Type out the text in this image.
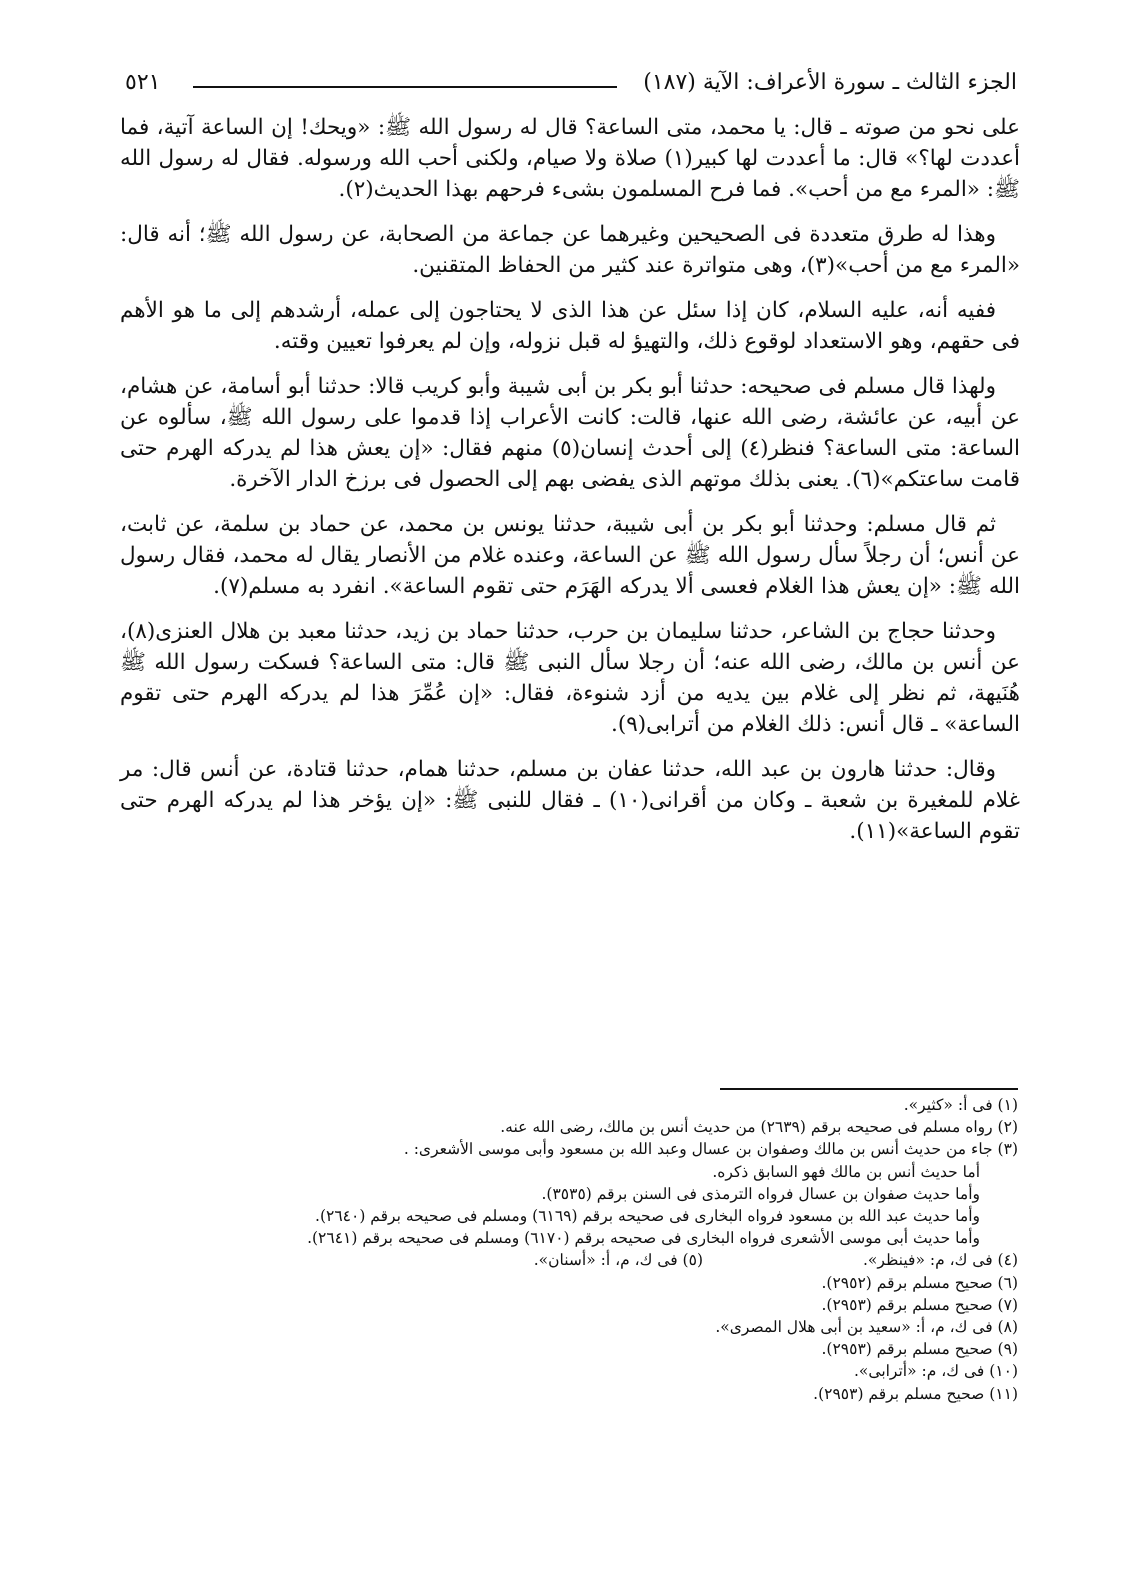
الجزء الثالث ـ سورة الأعراف: الآية (١٨٧)
٥٢١

على نحو من صوته ـ قال: يا محمد، متى الساعة؟ قال له رسول الله ﷺ: «ويحك! إن الساعة آتية، فما أعددت لها؟» قال: ما أعددت لها كبير(١) صلاة ولا صيام، ولكنى أحب الله ورسوله. فقال له رسول الله ﷺ: «المرء مع من أحب». فما فرح المسلمون بشىء فرحهم بهذا الحديث(٢).

وهذا له طرق متعددة فى الصحيحين وغيرهما عن جماعة من الصحابة، عن رسول الله ﷺ؛ أنه قال: «المرء مع من أحب»(٣)، وهى متواترة عند كثير من الحفاظ المتقنين.

ففيه أنه، عليه السلام، كان إذا سئل عن هذا الذى لا يحتاجون إلى عمله، أرشدهم إلى ما هو الأهم فى حقهم، وهو الاستعداد لوقوع ذلك، والتهيؤ له قبل نزوله، وإن لم يعرفوا تعيين وقته.

ولهذا قال مسلم فى صحيحه: حدثنا أبو بكر بن أبى شيبة وأبو كريب قالا: حدثنا أبو أسامة، عن هشام، عن أبيه، عن عائشة، رضى الله عنها، قالت: كانت الأعراب إذا قدموا على رسول الله ﷺ، سألوه عن الساعة: متى الساعة؟ فنظر(٤) إلى أحدث إنسان(٥) منهم فقال: «إن يعش هذا لم يدركه الهرم حتى قامت ساعتكم»(٦). يعنى بذلك موتهم الذى يفضى بهم إلى الحصول فى برزخ الدار الآخرة.

ثم قال مسلم: وحدثنا أبو بكر بن أبى شيبة، حدثنا يونس بن محمد، عن حماد بن سلمة، عن ثابت، عن أنس؛ أن رجلاً سأل رسول الله ﷺ عن الساعة، وعنده غلام من الأنصار يقال له محمد، فقال رسول الله ﷺ: «إن يعش هذا الغلام فعسى ألا يدركه الهَرَم حتى تقوم الساعة». انفرد به مسلم(٧).

وحدثنا حجاج بن الشاعر، حدثنا سليمان بن حرب، حدثنا حماد بن زيد، حدثنا معبد بن هلال العنزى(٨)، عن أنس بن مالك، رضى الله عنه؛ أن رجلا سأل النبى ﷺ قال: متى الساعة؟ فسكت رسول الله ﷺ هُنَيهة، ثم نظر إلى غلام بين يديه من أزد شنوءة، فقال: «إن عُمِّرَ هذا لم يدركه الهرم حتى تقوم الساعة» ـ قال أنس: ذلك الغلام من أترابى(٩).

وقال: حدثنا هارون بن عبد الله، حدثنا عفان بن مسلم، حدثنا همام، حدثنا قتادة، عن أنس قال: مر غلام للمغيرة بن شعبة ـ وكان من أقرانى(١٠) ـ فقال للنبى ﷺ: «إن يؤخر هذا لم يدركه الهرم حتى تقوم الساعة»(١١).

(١) فى أ: «كثير».

(٢) رواه مسلم فى صحيحه برقم (٢٦٣٩) من حديث أنس بن مالك، رضى الله عنه.

(٣) جاء من حديث أنس بن مالك وصفوان بن عسال وعبد الله بن مسعود وأبى موسى الأشعرى: .

أما حديث أنس بن مالك فهو السابق ذكره.

وأما حديث صفوان بن عسال فرواه الترمذى فى السنن برقم (٣٥٣٥).

وأما حديث عبد الله بن مسعود فرواه البخارى فى صحيحه برقم (٦١٦٩) ومسلم فى صحيحه برقم (٢٦٤٠).

وأما حديث أبى موسى الأشعرى فرواه البخارى فى صحيحه برقم (٦١٧٠) ومسلم فى صحيحه برقم (٢٦٤١).

(٤) فى ك، م: «فينظر».(٥) فى ك، م، أ: «أسنان».

(٦) صحيح مسلم برقم (٢٩٥٢).

(٧) صحيح مسلم برقم (٢٩٥٣).

(٨) فى ك، م، أ: «سعيد بن أبى هلال المصرى».

(٩) صحيح مسلم برقم (٢٩٥٣).

(١٠) فى ك، م: «أترابى».

(١١) صحيح مسلم برقم (٢٩٥٣).
